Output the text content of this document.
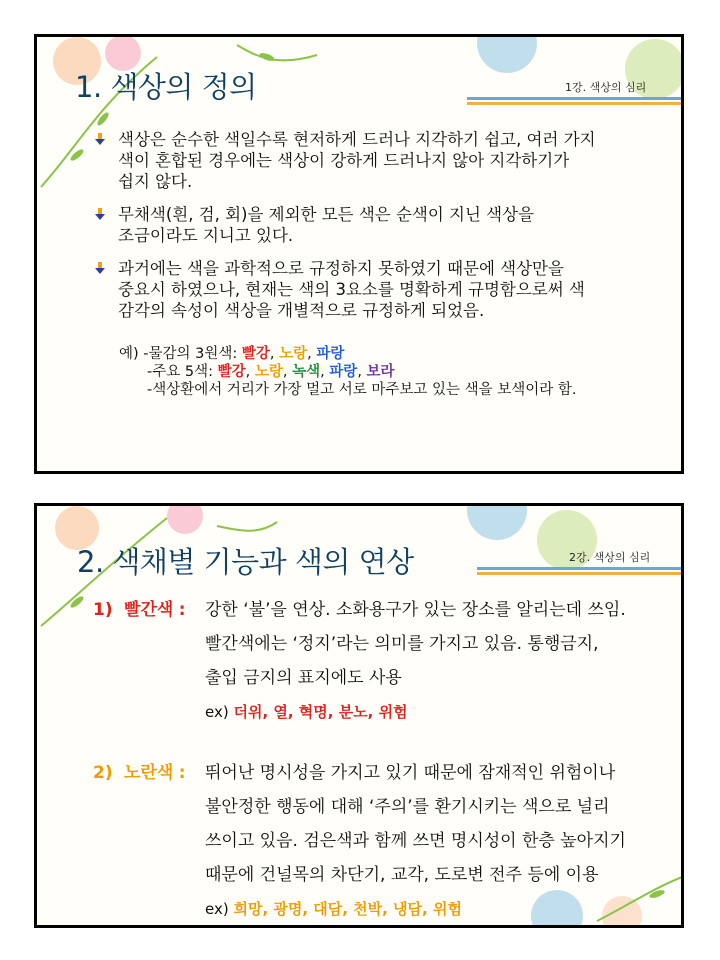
1. 색상의 정의	1강. 색상의 심리
색상은 순수한 색일수록 현저하게 드러나 지각하기 쉽고, 여러 가지
색이 혼합된 경우에는 색상이 강하게 드러나지 않아 지각하기가
쉽지 않다.
무채색(흰, 검, 회)을 제외한 모든 색은 순색이 지닌 색상을
조금이라도 지니고 있다.
과거에는 색을 과학적으로 규정하지 못하였기 때문에 색상만을
중요시 하였으나, 현재는 색의 3요소를 명확하게 규명함으로써 색
감각의 속성이 색상을 개별적으로 규정하게 되었음.
예) -물감의 3원색: 빨강, 노랑, 파랑
-주요 5색: 빨강, 노랑, 녹색, 파랑, 보라
-색상환에서 거리가 가장 멀고 서로 마주보고 있는 색을 보색이라 함.
2. 색채별 기능과 색의 연상	2강. 색상의 심리
1) 빨간색 : 강한 ‘불’을 연상. 소화용구가 있는 장소를 알리는데 쓰임.
빨간색에는 ‘정지’라는 의미를 가지고 있음. 통행금지,
출입 금지의 표지에도 사용
ex) 더위, 열, 혁명, 분노, 위험
2) 노란색 : 뛰어난 명시성을 가지고 있기 때문에 잠재적인 위험이나
불안정한 행동에 대해 ‘주의’를 환기시키는 색으로 널리
쓰이고 있음. 검은색과 함께 쓰면 명시성이 한층 높아지기
때문에 건널목의 차단기, 교각, 도로변 전주 등에 이용
ex) 희망, 광명, 대담, 천박, 냉담, 위험
